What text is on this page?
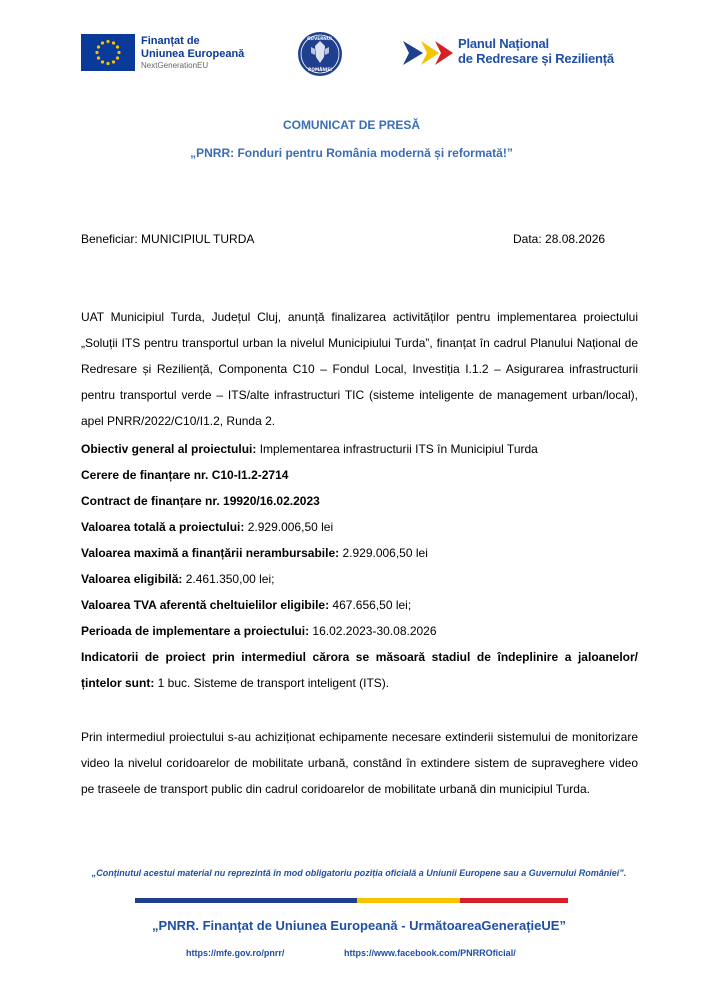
Finanțat de
Uniunea Europeană
NextGenerationEU
GUVERNUL
ROMÂNIEI
Planul Național
de Redresare și Reziliență
COMUNICAT DE PRESĂ
„PNRR: Fonduri pentru România modernă și reformată!”
Beneficiar: MUNICIPIUL TURDA	Data: 28.08.2026
UAT Municipiul Turda, Județul Cluj, anunță finalizarea activităților pentru implementarea proiectului „Soluții ITS pentru transportul urban la nivelul Municipiului Turda”, finanțat în cadrul Planului Național de Redresare și Reziliență, Componenta C10 – Fondul Local, Investiția I.1.2 – Asigurarea infrastructurii pentru transportul verde – ITS/alte infrastructuri TIC (sisteme inteligente de management urban/local), apel PNRR/2022/C10/I1.2, Runda 2.

Obiectiv general al proiectului: Implementarea infrastructurii ITS în Municipiul Turda

Cerere de finanțare nr. C10-I1.2-2714

Contract de finanțare nr. 19920/16.02.2023

Valoarea totală a proiectului: 2.929.006,50 lei

Valoarea maximă a finanțării nerambursabile: 2.929.006,50 lei

Valoarea eligibilă: 2.461.350,00 lei;

Valoarea TVA aferentă cheltuielilor eligibile: 467.656,50 lei;

Perioada de implementare a proiectului: 16.02.2023-30.08.2026

Indicatorii de proiect prin intermediul cărora se măsoară stadiul de îndeplinire a jaloanelor/țintelor sunt: 1 buc. Sisteme de transport inteligent (ITS).

Prin intermediul proiectului s-au achiziționat echipamente necesare extinderii sistemului de monitorizare video la nivelul coridoarelor de mobilitate urbană, constând în extindere sistem de supraveghere video pe traseele de transport public din cadrul coridoarelor de mobilitate urbană din municipiul Turda.
„Conținutul acestui material nu reprezintă în mod obligatoriu poziția oficială a Uniunii Europene sau a Guvernului României”.
„PNRR. Finanțat de Uniunea Europeană - UrmătoareaGenerațieUE”
https://mfe.gov.ro/pnrr/	https://www.facebook.com/PNRROficial/
